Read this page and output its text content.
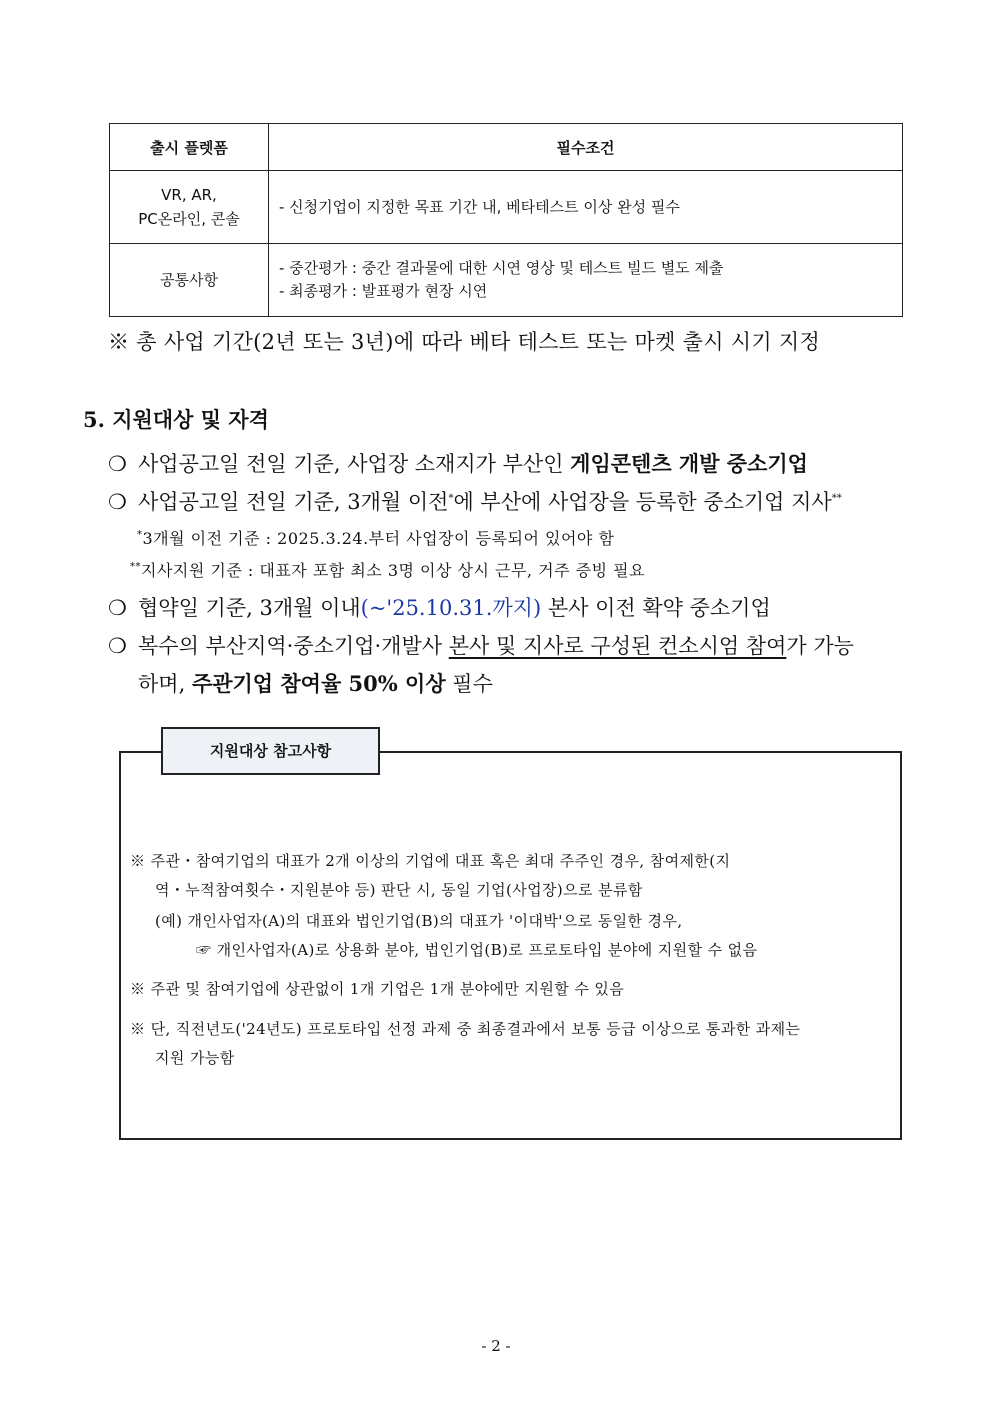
출시 플렛폼	필수조건

VR, AR,
PC온라인, 콘솔	- 신청기업이 지정한 목표 기간 내, 베타테스트 이상 완성 필수

공통사항	- 중간평가 : 중간 결과물에 대한 시연 영상 및 테스트 빌드 별도 제출
- 최종평가 : 발표평가 현장 시연
※ 총 사업 기간(2년 또는 3년)에 따라 베타 테스트 또는 마켓 출시 시기 지정
5. 지원대상 및 자격
❍ 사업공고일 전일 기준, 사업장 소재지가 부산인 게임콘텐츠 개발 중소기업
❍ 사업공고일 전일 기준, 3개월 이전*에 부산에 사업장을 등록한 중소기업 지사**
*3개월 이전 기준 : 2025.3.24.부터 사업장이 등록되어 있어야 함
**지사지원 기준 : 대표자 포함 최소 3명 이상 상시 근무, 거주 증빙 필요
❍ 협약일 기준, 3개월 이내(~'25.10.31.까지) 본사 이전 확약 중소기업
❍ 복수의 부산지역·중소기업·개발사 본사 및 지사로 구성된 컨소시엄 참여가 가능
하며, 주관기업 참여율 50% 이상 필수
지원대상 참고사항
※ 주관・참여기업의 대표가 2개 이상의 기업에 대표 혹은 최대 주주인 경우, 참여제한(지
역・누적참여횟수・지원분야 등) 판단 시, 동일 기업(사업장)으로 분류함
(예) 개인사업자(A)의 대표와 법인기업(B)의 대표가 '이대박'으로 동일한 경우,
☞ 개인사업자(A)로 상용화 분야, 법인기업(B)로 프로토타입 분야에 지원할 수 없음
※ 주관 및 참여기업에 상관없이 1개 기업은 1개 분야에만 지원할 수 있음
※ 단, 직전년도('24년도) 프로토타입 선정 과제 중 최종결과에서 보통 등급 이상으로 통과한 과제는
지원 가능함
- 2 -
